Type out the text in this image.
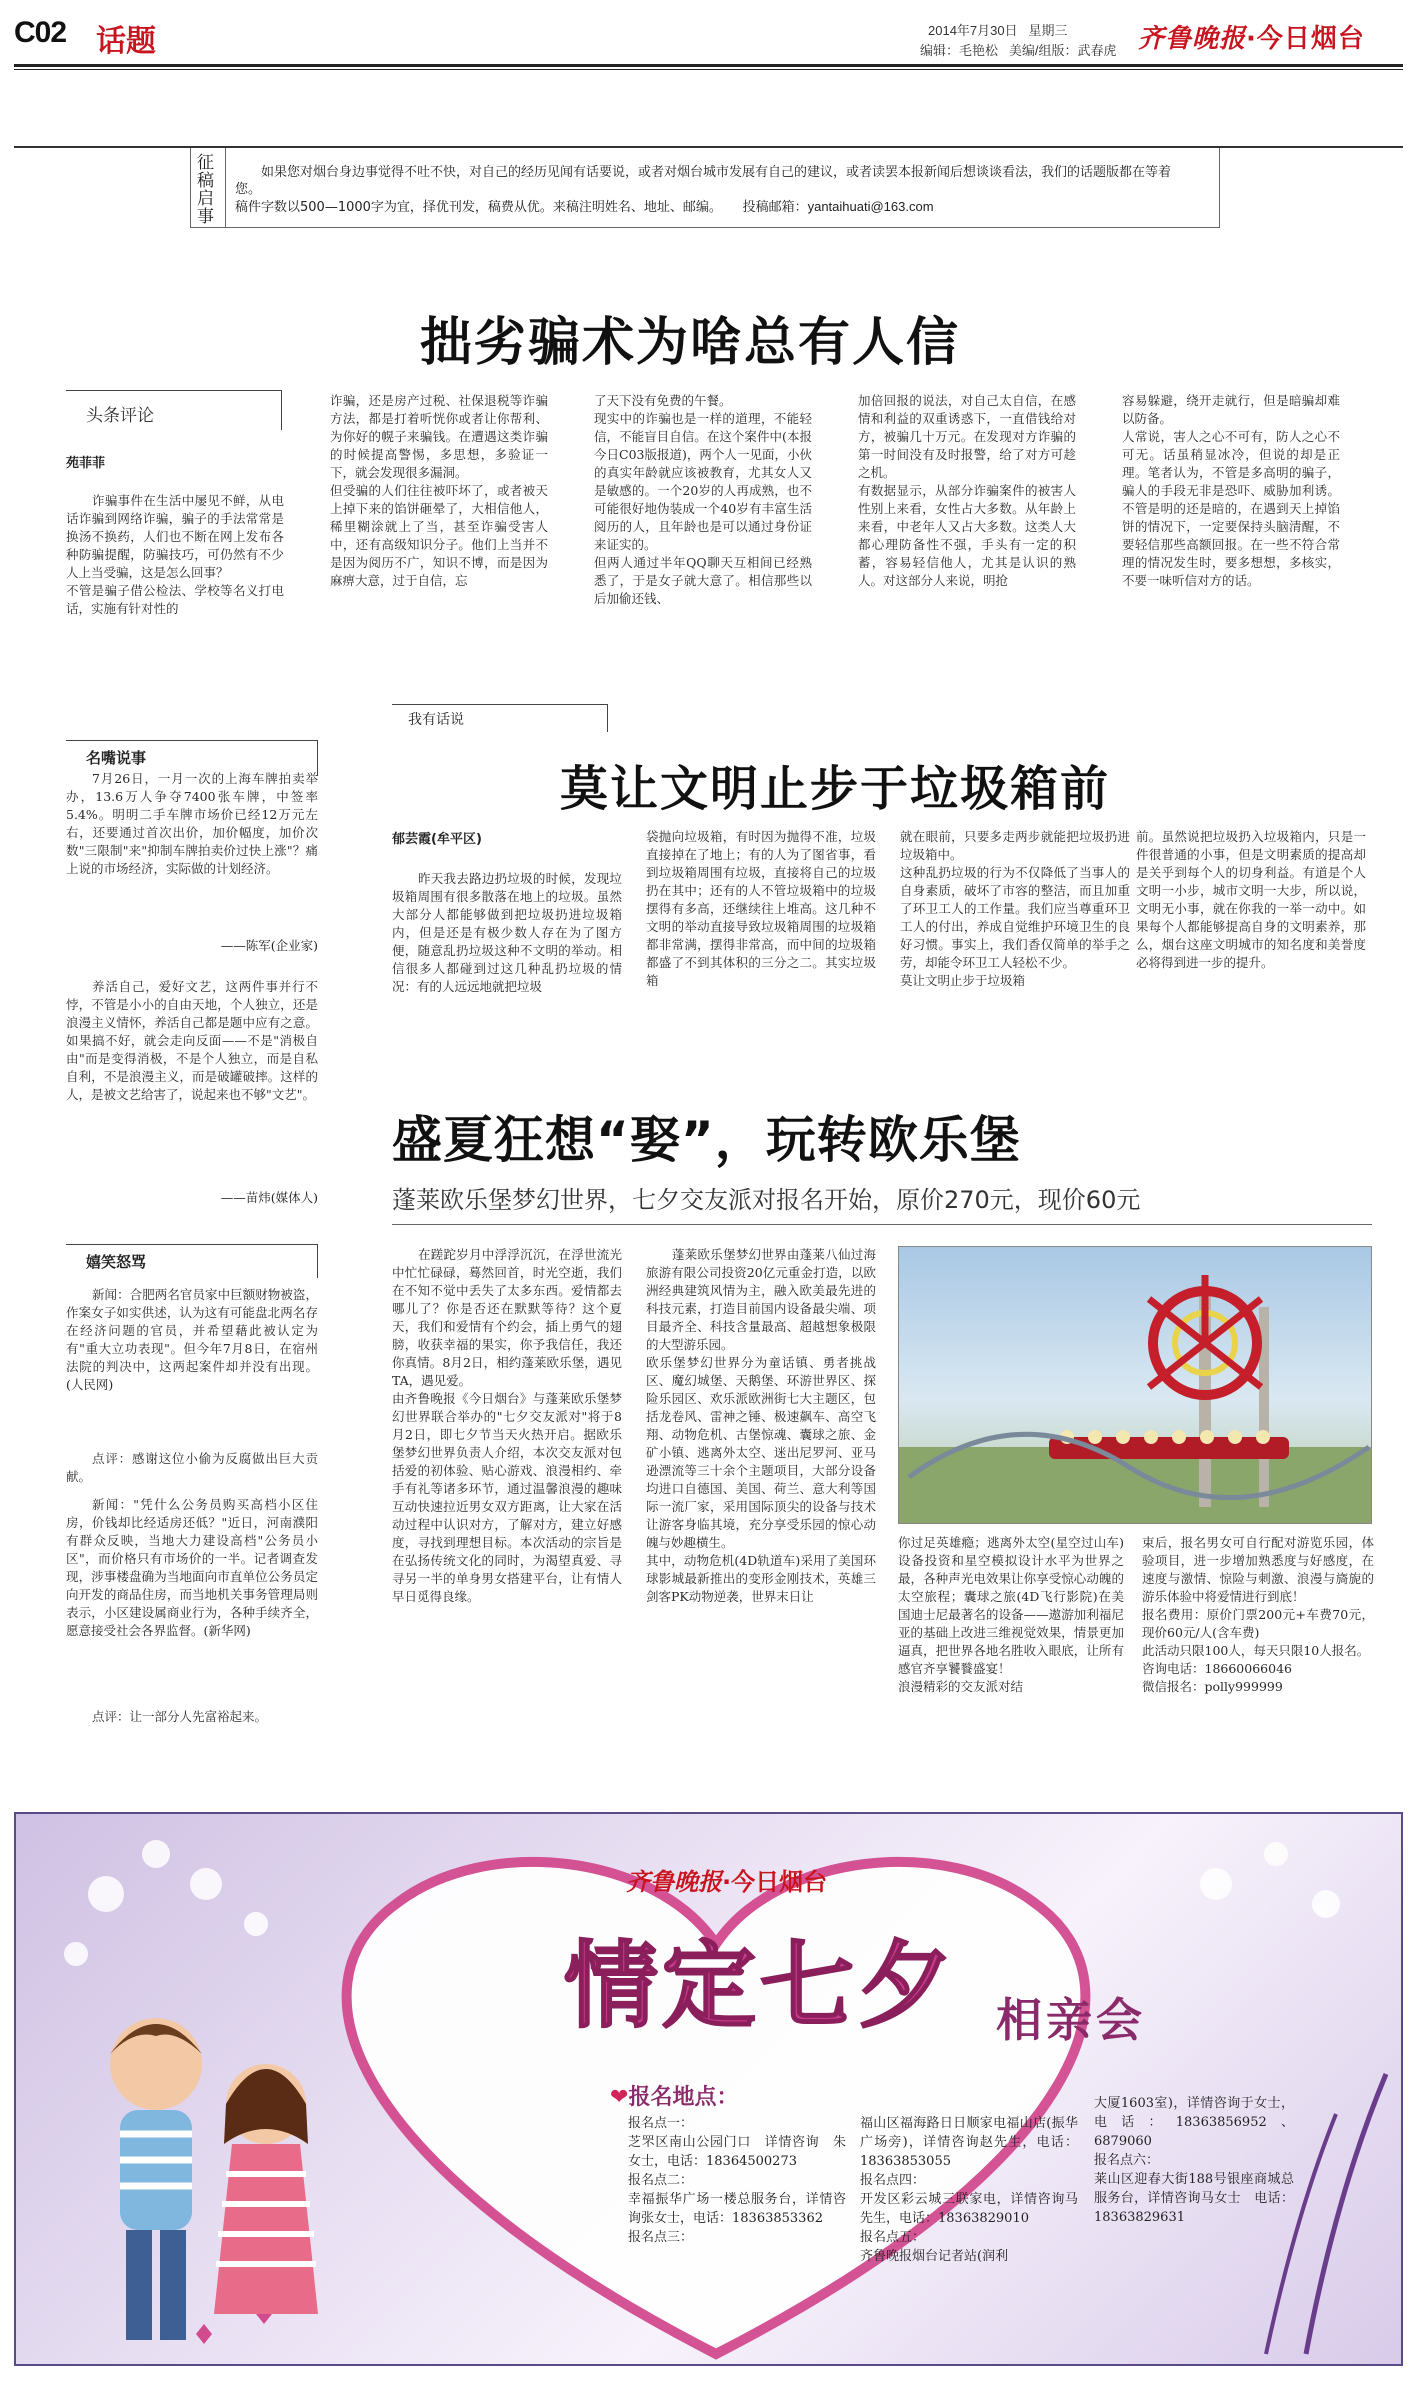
C02 话题	2014年7月30日 星期三
编辑：毛艳松 美编/组版：武春虎 齐鲁晚报·今日烟台
征稿启事
如果您对烟台身边事觉得不吐不快，对自己的经历见闻有话要说，或者对烟台城市发展有自己的建议，或者读罢本报新闻后想谈谈看法，我们的话题版都在等着您。
稿件字数以500—1000字为宜，择优刊发，稿费从优。来稿注明姓名、地址、邮编。 投稿邮箱：yantaihuati@163.com
拙劣骗术为啥总有人信
头条评论
苑菲菲
诈骗事件在生活中屡见不鲜，从电话诈骗到网络诈骗，骗子的手法常常是换汤不换药，人们也不断在网上发布各种防骗提醒，防骗技巧，可仍然有不少人上当受骗，这是怎么回事？
不管是骗子借公检法、学校等名义打电话，实施有针对性的
诈骗，还是房产过税、社保退税等诈骗方法，都是打着听恍你或者让你帮利、为你好的幌子来骗钱。在遭遇这类诈骗的时候提高警惕，多思想，多验证一下，就会发现很多漏洞。
但受骗的人们往往被吓坏了，或者被天上掉下来的馅饼砸晕了，大相信他人，稀里糊涂就上了当，甚至诈骗受害人中，还有高级知识分子。他们上当并不是因为阅历不广，知识不博，而是因为麻痹大意，过于自信，忘
了天下没有免费的午餐。
现实中的诈骗也是一样的道理，不能轻信，不能盲目自信。在这个案件中(本报今日C03版报道)，两个人一见面，小伙的真实年龄就应该被教育，尤其女人又是敏感的。一个20岁的人再成熟，也不可能很好地伪装成一个40岁有丰富生活阅历的人，且年龄也是可以通过身份证来证实的。
但两人通过半年QQ聊天互相间已经熟悉了，于是女子就大意了。相信那些以后加偷还钱、
加倍回报的说法，对自己太自信，在感情和利益的双重诱惑下，一直借钱给对方，被骗几十万元。在发现对方诈骗的第一时间没有及时报警，给了对方可趁之机。
有数据显示，从部分诈骗案件的被害人性别上来看，女性占大多数。从年龄上来看，中老年人又占大多数。这类人大都心理防备性不强，手头有一定的积蓄，容易轻信他人，尤其是认识的熟人。对这部分人来说，明抢
容易躲避，绕开走就行，但是暗骗却难以防备。
人常说，害人之心不可有，防人之心不可无。话虽稍显冰冷，但说的却是正理。笔者认为，不管是多高明的骗子，骗人的手段无非是恐吓、威胁加利诱。不管是明的还是暗的，在遇到天上掉馅饼的情况下，一定要保持头脑清醒，不要轻信那些高额回报。在一些不符合常理的情况发生时，要多想想，多核实，不要一味听信对方的话。
名嘴说事
7月26日，一月一次的上海车牌拍卖举办，13.6万人争夺7400张车牌，中签率5.4%。明明二手车牌市场价已经12万元左右，还要通过首次出价，加价幅度，加价次数"三限制"来"抑制车牌拍卖价过快上涨"？痛上说的市场经济，实际做的计划经济。
——陈军(企业家)
养活自己，爱好文艺，这两件事并行不悖，不管是小小的自由天地，个人独立，还是浪漫主义情怀，养活自己都是题中应有之意。如果搞不好，就会走向反面——不是"消极自由"而是变得消极，不是个人独立，而是自私自利，不是浪漫主义，而是破罐破摔。这样的人，是被文艺给害了，说起来也不够"文艺"。
——苗炜(媒体人)
我有话说
莫让文明止步于垃圾箱前
郁芸霞(牟平区)
昨天我去路边扔垃圾的时候，发现垃圾箱周围有很多散落在地上的垃圾。虽然大部分人都能够做到把垃圾扔进垃圾箱内，但是还是有极少数人存在为了图方便，随意乱扔垃圾这种不文明的举动。相信很多人都碰到过这几种乱扔垃圾的情况：有的人远远地就把垃圾
袋抛向垃圾箱，有时因为抛得不准，垃圾直接掉在了地上；有的人为了图省事，看到垃圾箱周围有垃圾，直接将自己的垃圾扔在其中；还有的人不管垃圾箱中的垃圾摆得有多高，还继续往上堆高。这几种不文明的举动直接导致垃圾箱周围的垃圾箱都非常满，摆得非常高，而中间的垃圾箱都盛了不到其体积的三分之二。其实垃圾箱
就在眼前，只要多走两步就能把垃圾扔进垃圾箱中。
这种乱扔垃圾的行为不仅降低了当事人的自身素质，破坏了市容的整洁，而且加重了环卫工人的工作量。我们应当尊重环卫工人的付出，养成自觉维护环境卫生的良好习惯。事实上，我们香仅简单的举手之劳，却能令环卫工人轻松不少。
莫让文明止步于垃圾箱
前。虽然说把垃圾扔入垃圾箱内，只是一件很普通的小事，但是文明素质的提高却是关乎到每个人的切身利益。有道是个人文明一小步，城市文明一大步，所以说，文明无小事，就在你我的一举一动中。如果每个人都能够提高自身的文明素养，那么，烟台这座文明城市的知名度和美誉度必将得到进一步的提升。
盛夏狂想“娶”，玩转欧乐堡
蓬莱欧乐堡梦幻世界，七夕交友派对报名开始，原价270元，现价60元
在蹉跎岁月中浮浮沉沉，在浮世流光中忙忙碌碌，蓦然回首，时光空逝，我们在不知不觉中丢失了太多东西。爱情都去哪儿了？你是否还在默默等待？这个夏天，我们和爱情有个约会，插上勇气的翅膀，收获幸福的果实，你予我信任，我还你真情。8月2日，相约蓬莱欧乐堡，遇见TA，遇见爱。
由齐鲁晚报《今日烟台》与蓬莱欧乐堡梦幻世界联合举办的"七夕交友派对"将于8月2日，即七夕节当天火热开启。据欧乐堡梦幻世界负责人介绍，本次交友派对包括爱的初体验、贴心游戏、浪漫相约、牵手有礼等诸多环节，通过温馨浪漫的趣味互动快速拉近男女双方距离，让大家在活动过程中认识对方，了解对方，建立好感度，寻找到理想目标。本次活动的宗旨是在弘扬传统文化的同时，为渴望真爱、寻寻另一半的单身男女搭建平台，让有情人早日觅得良缘。
蓬莱欧乐堡梦幻世界由蓬莱八仙过海旅游有限公司投资20亿元重金打造，以欧洲经典建筑风情为主，融入欧美最先进的科技元素，打造目前国内设备最尖端、项目最齐全、科技含量最高、超越想象极限的大型游乐园。
欧乐堡梦幻世界分为童话镇、勇者挑战区、魔幻城堡、天鹅堡、环游世界区、探险乐园区、欢乐派欧洲街七大主题区，包括龙卷风、雷神之锤、极速飙车、高空飞翔、动物危机、古堡惊魂、囊球之旅、金矿小镇、逃离外太空、迷出尼罗河、亚马逊漂流等三十余个主题项目，大部分设备均进口自德国、美国、荷兰、意大利等国际一流厂家，采用国际顶尖的设备与技术让游客身临其境，充分享受乐园的惊心动魄与妙趣横生。
其中，动物危机(4D轨道车)采用了美国环球影城最新推出的变形金刚技术，英雄三剑客PK动物逆袭，世界末日让
你过足英雄瘾；逃离外太空(星空过山车)设备投资和星空模拟设计水平为世界之最，各种声光电效果让你享受惊心动魄的太空旅程；囊球之旅(4D飞行影院)在美国迪士尼最著名的设备——遨游加利福尼亚的基础上改进三维视觉效果，情景更加逼真，把世界各地名胜收入眼底，让所有感官齐享饕餮盛宴！
浪漫精彩的交友派对结
束后，报名男女可自行配对游览乐园，体验项目，进一步增加熟悉度与好感度，在速度与激情、惊险与刺激、浪漫与旖旎的游乐体验中将爱情进行到底！
报名费用：原价门票200元+车费70元，现价60元/人(含车费)
此活动只限100人，每天只限10人报名。
咨询电话：18660066046
微信报名：polly999999
嬉笑怒骂
新闻：合肥两名官员家中巨额财物被盗，作案女子如实供述，认为这有可能盘北两名存在经济问题的官员，并希望藉此被认定为有"重大立功表现"。但今年7月8日，在宿州法院的判决中，这两起案件却并没有出现。(人民网)
点评：感谢这位小偷为反腐做出巨大贡献。
新闻："凭什么公务员购买高档小区住房，价钱却比经适房还低？"近日，河南濮阳有群众反映，当地大力建设高档"公务员小区"，而价格只有市场价的一半。记者调查发现，涉事楼盘确为当地面向市直单位公务员定向开发的商品住房，而当地机关事务管理局则表示，小区建设属商业行为，各种手续齐全，愿意接受社会各界监督。(新华网)
点评：让一部分人先富裕起来。
齐鲁晚报·今日烟台
情定七夕 相亲会
❤报名地点：
报名点一：
芝罘区南山公园门口　详情咨询　朱女士，电话：18364500273
报名点二：
幸福振华广场一楼总服务台，详情咨询张女士，电话：18363853362
报名点三：
福山区福海路日日顺家电福山店(振华广场旁)，详情咨询赵先生，电话：18363853055
报名点四：
开发区彩云城三联家电，详情咨询马先生，电话：18363829010
报名点五：
齐鲁晚报烟台记者站(润利
大厦1603室)，详情咨询于女士，电话：18363856952、6879060
报名点六：
莱山区迎春大街188号银座商城总服务台，详情咨询马女士　电话：18363829631
